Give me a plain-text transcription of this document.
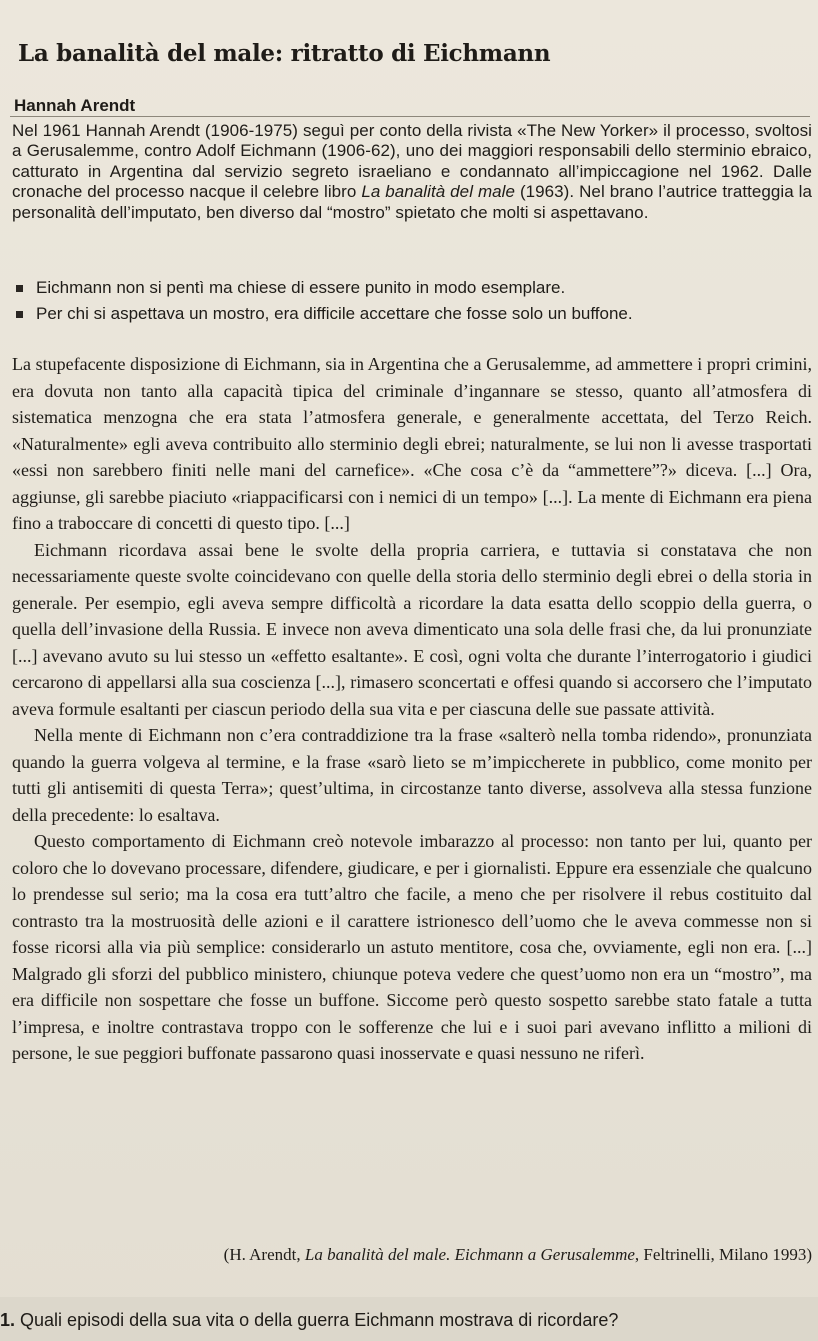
La banalità del male: ritratto di Eichmann
Hannah Arendt
Nel 1961 Hannah Arendt (1906-1975) seguì per conto della rivista «The New Yorker» il processo, svoltosi a Gerusalemme, contro Adolf Eichmann (1906-62), uno dei maggiori responsabili dello sterminio ebraico, catturato in Argentina dal servizio segreto israeliano e condannato all’impiccagione nel 1962. Dalle cronache del processo nacque il celebre libro La banalità del male (1963). Nel brano l’autrice tratteggia la personalità dell’imputato, ben diverso dal “mostro” spietato che molti si aspettavano.
Eichmann non si pentì ma chiese di essere punito in modo esemplare.
Per chi si aspettava un mostro, era difficile accettare che fosse solo un buffone.

La stupefacente disposizione di Eichmann, sia in Argentina che a Gerusalemme, ad ammettere i propri crimini, era dovuta non tanto alla capacità tipica del criminale d’ingannare se stesso, quanto all’atmosfera di sistematica menzogna che era stata l’atmosfera generale, e generalmente accettata, del Terzo Reich. «Naturalmente» egli aveva contribuito allo sterminio degli ebrei; naturalmente, se lui non li avesse trasportati «essi non sarebbero finiti nelle mani del carnefice». «Che cosa c’è da “ammettere”?» diceva. [...] Ora, aggiunse, gli sarebbe piaciuto «riappacificarsi con i nemici di un tempo» [...]. La mente di Eichmann era piena fino a traboccare di concetti di questo tipo. [...]

Eichmann ricordava assai bene le svolte della propria carriera, e tuttavia si constatava che non necessariamente queste svolte coincidevano con quelle della storia dello sterminio degli ebrei o della storia in generale. Per esempio, egli aveva sempre difficoltà a ricordare la data esatta dello scoppio della guerra, o quella dell’invasione della Russia. E invece non aveva dimenticato una sola delle frasi che, da lui pronunziate [...] avevano avuto su lui stesso un «effetto esaltante». E così, ogni volta che durante l’interrogatorio i giudici cercarono di appellarsi alla sua coscienza [...], rimasero sconcertati e offesi quando si accorsero che l’imputato aveva formule esaltanti per ciascun periodo della sua vita e per ciascuna delle sue passate attività.

Nella mente di Eichmann non c’era contraddizione tra la frase «salterò nella tomba ridendo», pronunziata quando la guerra volgeva al termine, e la frase «sarò lieto se m’impiccherete in pubblico, come monito per tutti gli antisemiti di questa Terra»; quest’ultima, in circostanze tanto diverse, assolveva alla stessa funzione della precedente: lo esaltava.

Questo comportamento di Eichmann creò notevole imbarazzo al processo: non tanto per lui, quanto per coloro che lo dovevano processare, difendere, giudicare, e per i giornalisti. Eppure era essenziale che qualcuno lo prendesse sul serio; ma la cosa era tutt’altro che facile, a meno che per risolvere il rebus costituito dal contrasto tra la mostruosità delle azioni e il carattere istrionesco dell’uomo che le aveva commesse non si fosse ricorsi alla via più semplice: considerarlo un astuto mentitore, cosa che, ovviamente, egli non era. [...] Malgrado gli sforzi del pubblico ministero, chiunque poteva vedere che quest’uomo non era un “mostro”, ma era difficile non sospettare che fosse un buffone. Siccome però questo sospetto sarebbe stato fatale a tutta l’impresa, e inoltre contrastava troppo con le sofferenze che lui e i suoi pari avevano inflitto a milioni di persone, le sue peggiori buffonate passarono quasi inosservate e quasi nessuno ne riferì.

(H. Arendt, La banalità del male. Eichmann a Gerusalemme, Feltrinelli, Milano 1993)
1. Quali episodi della sua vita o della guerra Eichmann mostrava di ricordare?
